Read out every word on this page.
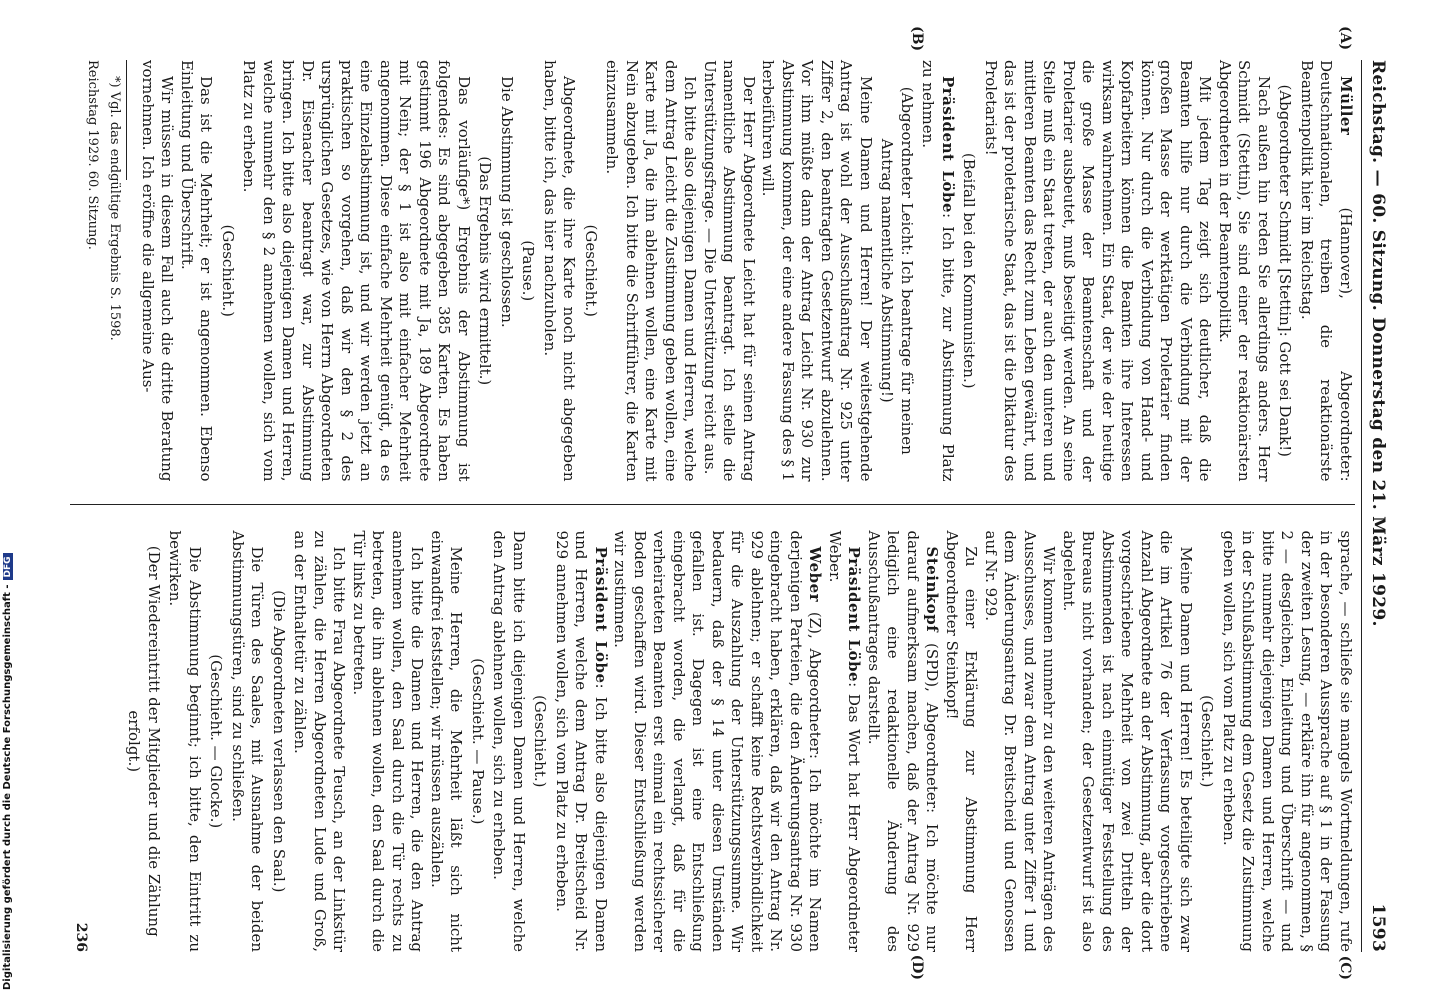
Digitalisierung gefördert durch die Deutsche Forschungsgemeinschaft -
DFG	Reichstag. — 60. Sitzung. Donnerstag den 21. März 1929.
1593
(A)
(B)
(C)
(D)

Müller (Hannover), Abgeordneter: Deutschnationalen, treiben die reaktionärste Beamtenpolitik hier im Reichstag.

(Abgeordneter Schmidt [Stettin]: Gott sei Dank!)

Nach außen hin reden Sie allerdings anders. Herr Schmidt (Stettin), Sie sind einer der reaktionärsten Abgeordneten in der Beamtenpolitik.

Mit jedem Tag zeigt sich deutlicher, daß die Beamten hilfe nur durch die Verbindung mit der großen Masse der werktätigen Proletarier finden können. Nur durch die Verbindung von Hand- und Kopfarbeitern können die Beamten ihre Interessen wirksam wahrnehmen. Ein Staat, der wie der heutige die große Masse der Beamtenschaft und der Proletarier ausbeutet, muß beseitigt werden. An seine Stelle muß ein Staat treten, der auch den unteren und mittleren Beamten das Recht zum Leben gewährt, und das ist der proletarische Staat, das ist die Diktatur des Proletariats!

(Beifall bei den Kommunisten.)

Präsident Löbe: Ich bitte, zur Abstimmung Platz zu nehmen.

(Abgeordneter Leicht: Ich beantrage für meinen Antrag namentliche Abstimmung!)

Meine Damen und Herren! Der weitestgehende Antrag ist wohl der Ausschußantrag Nr. 925 unter Ziffer 2, den beantragten Gesetzentwurf abzulehnen. Vor ihm müßte dann der Antrag Leicht Nr. 930 zur Abstimmung kommen, der eine andere Fassung des § 1 herbeiführen will.

Der Herr Abgeordnete Leicht hat für seinen Antrag namentliche Abstimmung beantragt. Ich stelle die Unterstützungsfrage. — Die Unterstützung reicht aus.

Ich bitte also diejenigen Damen und Herren, welche dem Antrag Leicht die Zustimmung geben wollen, eine Karte mit Ja, die ihn ablehnen wollen, eine Karte mit Nein abzugeben. Ich bitte die Schriftführer, die Karten einzusammeln.

(Geschieht.)

Abgeordnete, die ihre Karte noch nicht abgegeben haben, bitte ich, das hier nachzuholen.

(Pause.)

Die Abstimmung ist geschlossen.

(Das Ergebnis wird ermittelt.)

Das vorläufige*) Ergebnis der Abstimmung ist folgendes: Es sind abgegeben 385 Karten. Es haben gestimmt 196 Abgeordnete mit Ja, 189 Abgeordnete mit Nein; der § 1 ist also mit einfacher Mehrheit angenommen. Diese einfache Mehrheit genügt, da es eine Einzelabstimmung ist, und wir werden jetzt an praktischen so vorgehen, daß wir den § 2 des ursprünglichen Gesetzes, wie von Herrn Abgeordneten Dr. Eisenacher beantragt war, zur Abstimmung bringen. Ich bitte also diejenigen Damen und Herren, welche nunmehr den § 2 annehmen wollen, sich vom Platz zu erheben.

(Geschieht.)

Das ist die Mehrheit; er ist angenommen. Ebenso Einleitung und Überschrift.

Wir müssen in diesem Fall auch die dritte Beratung vornehmen. Ich eröffne die allgemeine Aus-

*) Vgl. das endgültige Ergebnis S. 1598.

Reichstag 1929. 60. Sitzung.

sprache, — schließe sie mangels Wortmeldungen, rufe in der besonderen Aussprache auf § 1 in der Fassung der zweiten Lesung, — erkläre ihn für angenommen, § 2 — desgleichen, Einleitung und Überschrift — und bitte nunmehr diejenigen Damen und Herren, welche in der Schlußabstimmung dem Gesetz die Zustimmung geben wollen, sich vom Platz zu erheben.

(Geschieht.)

Meine Damen und Herren! Es beteiligte sich zwar die im Artikel 76 der Verfassung vorgeschriebene Anzahl Abgeordnete an der Abstimmung, aber die dort vorgeschriebene Mehrheit von zwei Dritteln der Abstimmenden ist nach einmütiger Feststellung des Bureaus nicht vorhanden; der Gesetzentwurf ist also abgelehnt.

Wir kommen nunmehr zu den weiteren Anträgen des Ausschusses, und zwar dem Antrag unter Ziffer 1 und dem Änderungsantrag Dr. Breitscheid und Genossen auf Nr. 929.

Zu einer Erklärung zur Abstimmung Herr Abgeordneter Steinkopf!

Steinkopf (SPD), Abgeordneter: Ich möchte nur darauf aufmerksam machen, daß der Antrag Nr. 929 lediglich eine redaktionelle Änderung des Ausschußantrages darstellt.

Präsident Löbe: Das Wort hat Herr Abgeordneter Weber.

Weber (Z), Abgeordneter: Ich möchte im Namen derjenigen Parteien, die den Änderungsantrag Nr. 930 eingebracht haben, erklären, daß wir den Antrag Nr. 929 ablehnen; er schafft keine Rechtsverbindlichkeit für die Auszahlung der Unterstützungssumme. Wir bedauern, daß der § 14 unter diesen Umständen gefallen ist. Dagegen ist eine Entschließung eingebracht worden, die verlangt, daß für die verheirateten Beamten erst einmal ein rechtssicherer Boden geschaffen wird. Dieser Entschließung werden wir zustimmen.

Präsident Löbe: Ich bitte also diejenigen Damen und Herren, welche dem Antrag Dr. Breitscheid Nr. 929 annehmen wollen, sich vom Platz zu erheben.

(Geschieht.)

Dann bitte ich diejenigen Damen und Herren, welche den Antrag ablehnen wollen, sich zu erheben.

(Geschieht. — Pause.)

Meine Herren, die Mehrheit läßt sich nicht einwandfrei feststellen; wir müssen auszählen.

Ich bitte die Damen und Herren, die den Antrag annehmen wollen, den Saal durch die Tür rechts zu betreten, die ihn ablehnen wollen, den Saal durch die Tür links zu betreten.

Ich bitte Frau Abgeordnete Teusch, an der Linkstür zu zählen, die Herren Abgeordneten Lude und Groß, an der Enthaltetür zu zählen.

(Die Abgeordneten verlassen den Saal.)

Die Türen des Saales, mit Ausnahme der beiden Abstimmungstüren, sind zu schließen.

(Geschieht. — Glocke.)

Die Abstimmung beginnt; ich bitte, den Eintritt zu bewirken.

(Der Wiedereintritt der Mitglieder und die Zählung erfolgt.)

236
